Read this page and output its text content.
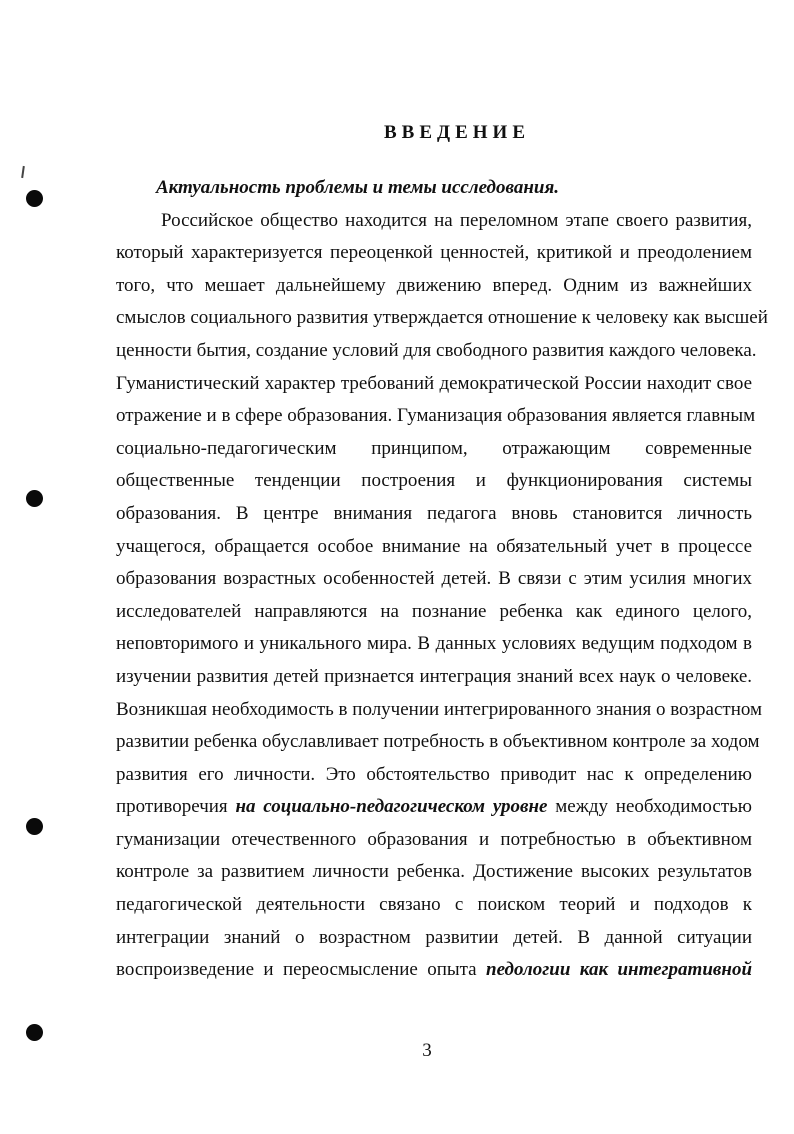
ВВЕДЕНИЕ
Актуальность проблемы и темы исследования.
Российское общество находится на переломном этапе своего развития,
который характеризуется переоценкой ценностей, критикой и преодолением
того, что мешает дальнейшему движению вперед. Одним из важнейших
смыслов социального развития утверждается отношение к человеку как высшей
ценности бытия, создание условий для свободного развития каждого человека.
Гуманистический характер требований демократической России находит свое
отражение и в сфере образования. Гуманизация образования является главным
социально-педагогическим принципом, отражающим современные
общественные тенденции построения и функционирования системы
образования. В центре внимания педагога вновь становится личность
учащегося, обращается особое внимание на обязательный учет в процессе
образования возрастных особенностей детей. В связи с этим усилия многих
исследователей направляются на познание ребенка как единого целого,
неповторимого и уникального мира. В данных условиях ведущим подходом в
изучении развития детей признается интеграция знаний всех наук о человеке.
Возникшая необходимость в получении интегрированного знания о возрастном
развитии ребенка обуславливает потребность в объективном контроле за ходом
развития его личности. Это обстоятельство приводит нас к определению
противоречия на социально-педагогическом уровне между необходимостью
гуманизации отечественного образования и потребностью в объективном
контроле за развитием личности ребенка. Достижение высоких результатов
педагогической деятельности связано с поиском теорий и подходов к
интеграции знаний о возрастном развитии детей. В данной ситуации
воспроизведение и переосмысление опыта педологии как интегративной
3
